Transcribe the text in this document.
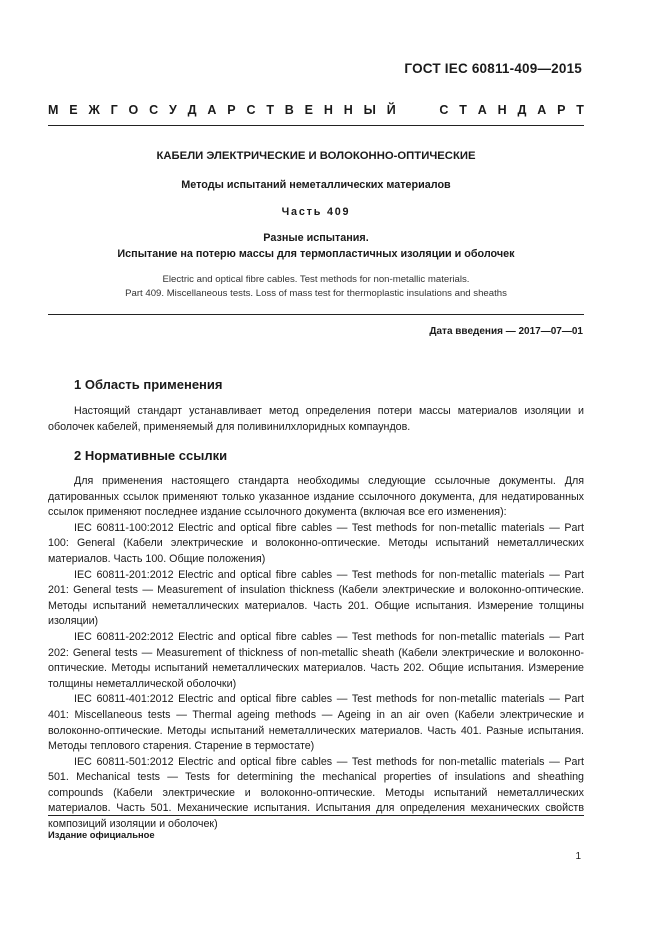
ГОСТ IEC 60811-409—2015
М Е Ж Г О С У Д А Р С Т В Е Н Н Ы Й	С Т А Н Д А Р Т
КАБЕЛИ ЭЛЕКТРИЧЕСКИЕ И ВОЛОКОННО-ОПТИЧЕСКИЕ
Методы испытаний неметаллических материалов
Часть 409
Разные испытания.
Испытание на потерю массы для термопластичных изоляции и оболочек
Electric and optical fibre cables. Test methods for non-metallic materials.
Part 409. Miscellaneous tests. Loss of mass test for thermoplastic insulations and sheaths
Дата введения — 2017—07—01
1 Область применения

Настоящий стандарт устанавливает метод определения потери массы материалов изоляции и оболочек кабелей, применяемый для поливинилхлоридных компаундов.

2 Нормативные ссылки

Для применения настоящего стандарта необходимы следующие ссылочные документы. Для датированных ссылок применяют только указанное издание ссылочного документа, для недатированных ссылок применяют последнее издание ссылочного документа (включая все его изменения):

IEC 60811-100:2012 Electric and optical fibre cables — Test methods for non-metallic materials — Part 100: General (Кабели электрические и волоконно-оптические. Методы испытаний неметаллических материалов. Часть 100. Общие положения)

IEC 60811-201:2012 Electric and optical fibre cables — Test methods for non-metallic materials — Part 201: General tests — Measurement of insulation thickness (Кабели электрические и волоконно-оптические. Методы испытаний неметаллических материалов. Часть 201. Общие испытания. Измерение толщины изоляции)

IEC 60811-202:2012 Electric and optical fibre cables — Test methods for non-metallic materials — Part 202: General tests — Measurement of thickness of non-metallic sheath (Кабели электрические и волоконно-оптические. Методы испытаний неметаллических материалов. Часть 202. Общие испытания. Измерение толщины неметаллической оболочки)

IEC 60811-401:2012 Electric and optical fibre cables — Test methods for non-metallic materials — Part 401: Miscellaneous tests — Thermal ageing methods — Ageing in an air oven (Кабели электрические и волоконно-оптические. Методы испытаний неметаллических материалов. Часть 401. Разные испытания. Методы теплового старения. Старение в термостате)

IEC 60811-501:2012 Electric and optical fibre cables — Test methods for non-metallic materials — Part 501. Mechanical tests — Tests for determining the mechanical properties of insulations and sheathing compounds (Кабели электрические и волоконно-оптические. Методы испытаний неметаллических материалов. Часть 501. Механические испытания. Испытания для определения механических свойств композиций изоляции и оболочек)

Издание официальное
1
